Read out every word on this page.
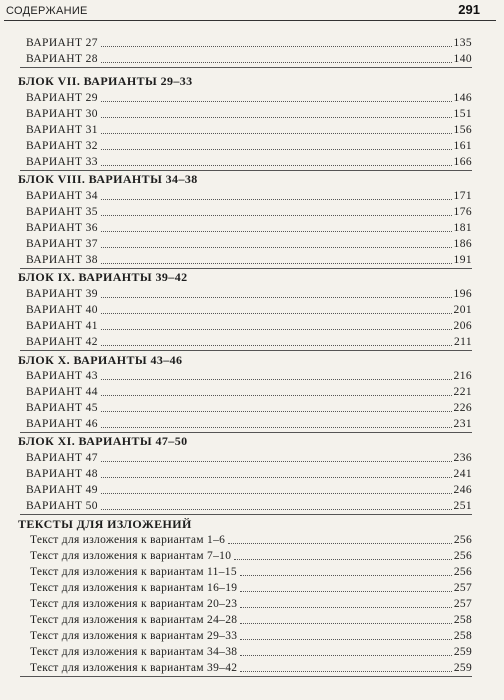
СОДЕРЖАНИЕ	291
ВАРИАНТ 27	135
ВАРИАНТ 28	140
БЛОК VII. ВАРИАНТЫ 29–33
ВАРИАНТ 29	146
ВАРИАНТ 30	151
ВАРИАНТ 31	156
ВАРИАНТ 32	161
ВАРИАНТ 33	166
БЛОК VIII. ВАРИАНТЫ 34–38
ВАРИАНТ 34	171
ВАРИАНТ 35	176
ВАРИАНТ 36	181
ВАРИАНТ 37	186
ВАРИАНТ 38	191
БЛОК IX. ВАРИАНТЫ 39–42
ВАРИАНТ 39	196
ВАРИАНТ 40	201
ВАРИАНТ 41	206
ВАРИАНТ 42	211
БЛОК X. ВАРИАНТЫ 43–46
ВАРИАНТ 43	216
ВАРИАНТ 44	221
ВАРИАНТ 45	226
ВАРИАНТ 46	231
БЛОК XI. ВАРИАНТЫ 47–50
ВАРИАНТ 47	236
ВАРИАНТ 48	241
ВАРИАНТ 49	246
ВАРИАНТ 50	251
ТЕКСТЫ ДЛЯ ИЗЛОЖЕНИЙ
Текст для изложения к вариантам 1–6	256
Текст для изложения к вариантам 7–10	256
Текст для изложения к вариантам 11–15	256
Текст для изложения к вариантам 16–19	257
Текст для изложения к вариантам 20–23	257
Текст для изложения к вариантам 24–28	258
Текст для изложения к вариантам 29–33	258
Текст для изложения к вариантам 34–38	259
Текст для изложения к вариантам 39–42	259
